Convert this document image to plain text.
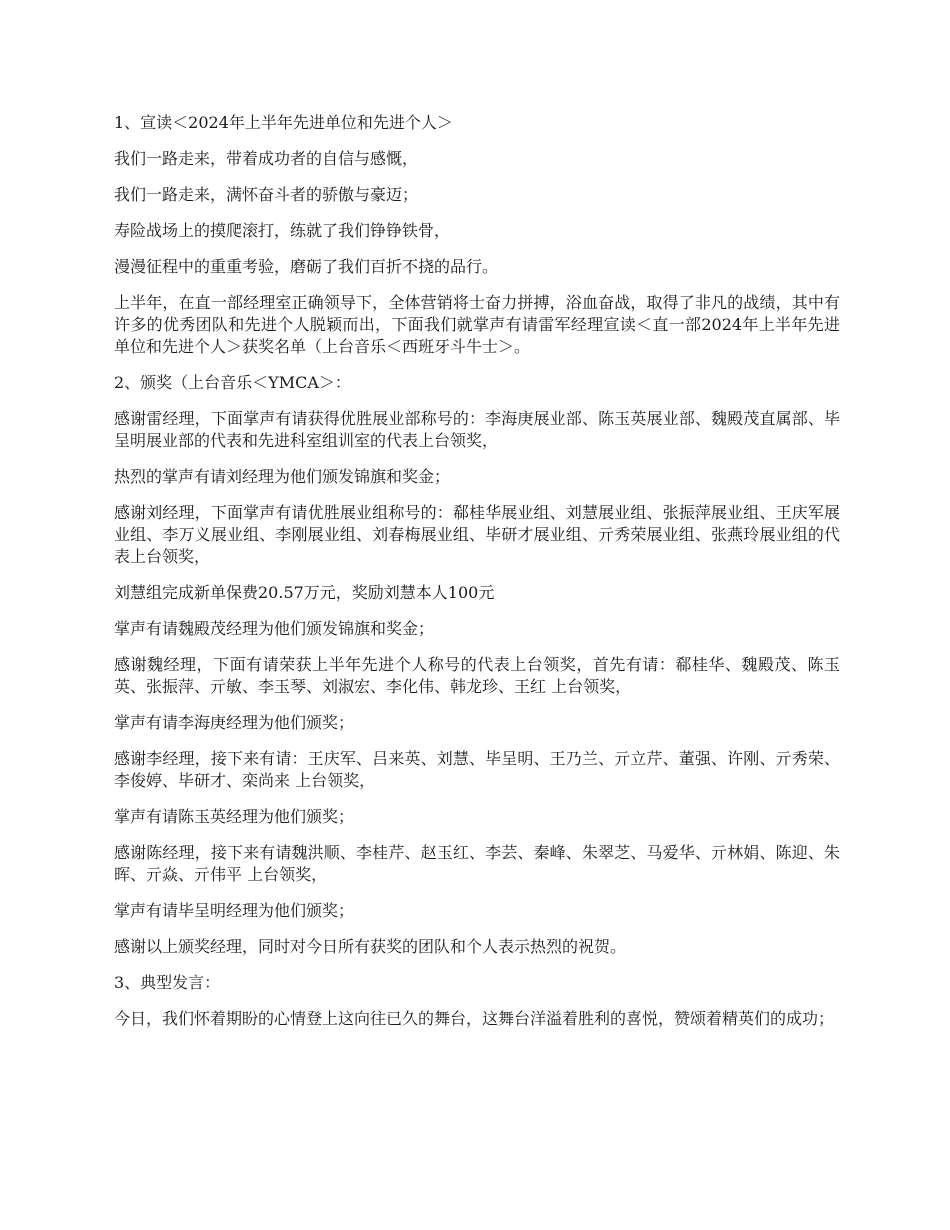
1、宣读＜2024年上半年先进单位和先进个人＞

我们一路走来，带着成功者的自信与感慨，

我们一路走来，满怀奋斗者的骄傲与豪迈；

寿险战场上的摸爬滚打，练就了我们铮铮铁骨，

漫漫征程中的重重考验，磨砺了我们百折不挠的品行。

上半年，在直一部经理室正确领导下，全体营销将士奋力拼搏，浴血奋战，取得了非凡的战绩，其中有许多的优秀团队和先进个人脱颖而出，下面我们就掌声有请雷军经理宣读＜直一部2024年上半年先进单位和先进个人＞获奖名单（上台音乐＜西班牙斗牛士＞。

2、颁奖（上台音乐＜YMCA＞：

感谢雷经理，下面掌声有请获得优胜展业部称号的：李海庚展业部、陈玉英展业部、魏殿茂直属部、毕呈明展业部的代表和先进科室组训室的代表上台领奖，

热烈的掌声有请刘经理为他们颁发锦旗和奖金；

感谢刘经理，下面掌声有请优胜展业组称号的：郗桂华展业组、刘慧展业组、张振萍展业组、王庆军展业组、李万义展业组、李刚展业组、刘春梅展业组、毕研才展业组、亓秀荣展业组、张燕玲展业组的代表上台领奖，

刘慧组完成新单保费20.57万元，奖励刘慧本人100元

掌声有请魏殿茂经理为他们颁发锦旗和奖金；

感谢魏经理，下面有请荣获上半年先进个人称号的代表上台领奖，首先有请：郗桂华、魏殿茂、陈玉英、张振萍、亓敏、李玉琴、刘淑宏、李化伟、韩龙珍、王红 上台领奖，

掌声有请李海庚经理为他们颁奖；

感谢李经理，接下来有请：王庆军、吕来英、刘慧、毕呈明、王乃兰、亓立芹、董强、许刚、亓秀荣、李俊婷、毕研才、栾尚来 上台领奖，

掌声有请陈玉英经理为他们颁奖；

感谢陈经理，接下来有请魏洪顺、李桂芹、赵玉红、李芸、秦峰、朱翠芝、马爱华、亓林娟、陈迎、朱晖、亓焱、亓伟平 上台领奖，

掌声有请毕呈明经理为他们颁奖；

感谢以上颁奖经理，同时对今日所有获奖的团队和个人表示热烈的祝贺。

3、典型发言：

今日，我们怀着期盼的心情登上这向往已久的舞台，这舞台洋溢着胜利的喜悦，赞颂着精英们的成功；
